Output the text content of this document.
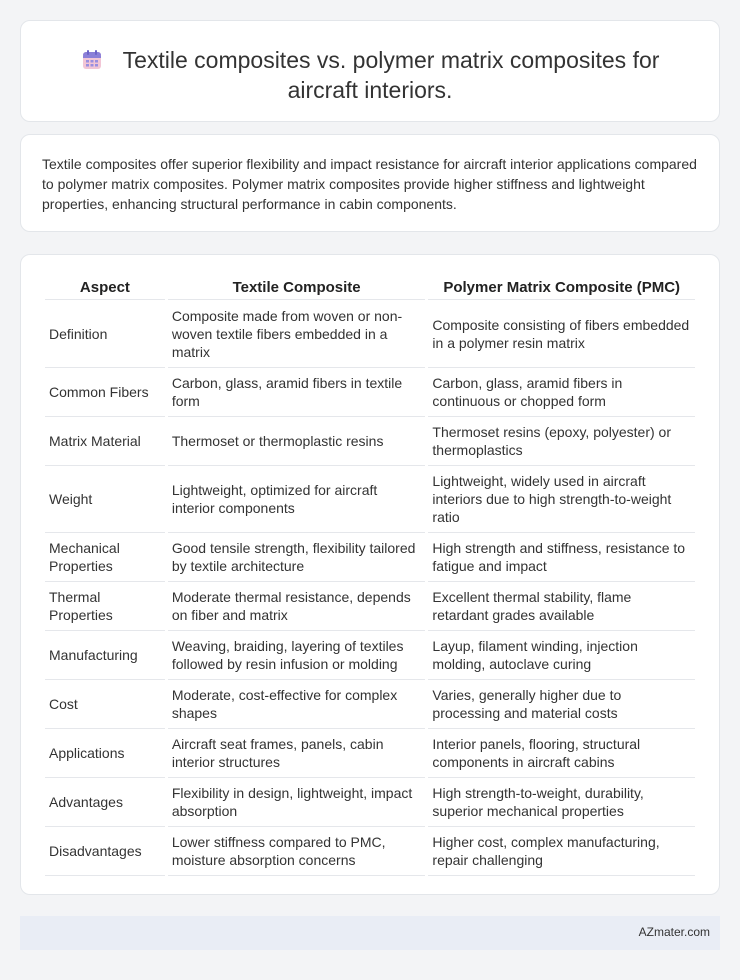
Textile composites vs. polymer matrix composites for aircraft interiors.

Textile composites offer superior flexibility and impact resistance for aircraft interior applications compared to polymer matrix composites. Polymer matrix composites provide higher stiffness and lightweight properties, enhancing structural performance in cabin components.

Aspect	Textile Composite	Polymer Matrix Composite (PMC)
Definition	Composite made from woven or non-woven textile fibers embedded in a matrix	Composite consisting of fibers embedded in a polymer resin matrix
Common Fibers	Carbon, glass, aramid fibers in textile form	Carbon, glass, aramid fibers in continuous or chopped form
Matrix Material	Thermoset or thermoplastic resins	Thermoset resins (epoxy, polyester) or thermoplastics
Weight	Lightweight, optimized for aircraft interior components	Lightweight, widely used in aircraft interiors due to high strength-to-weight ratio
Mechanical Properties	Good tensile strength, flexibility tailored by textile architecture	High strength and stiffness, resistance to fatigue and impact
Thermal Properties	Moderate thermal resistance, depends on fiber and matrix	Excellent thermal stability, flame retardant grades available
Manufacturing	Weaving, braiding, layering of textiles followed by resin infusion or molding	Layup, filament winding, injection molding, autoclave curing
Cost	Moderate, cost-effective for complex shapes	Varies, generally higher due to processing and material costs
Applications	Aircraft seat frames, panels, cabin interior structures	Interior panels, flooring, structural components in aircraft cabins
Advantages	Flexibility in design, lightweight, impact absorption	High strength-to-weight, durability, superior mechanical properties
Disadvantages	Lower stiffness compared to PMC, moisture absorption concerns	Higher cost, complex manufacturing, repair challenging
AZmater.com
